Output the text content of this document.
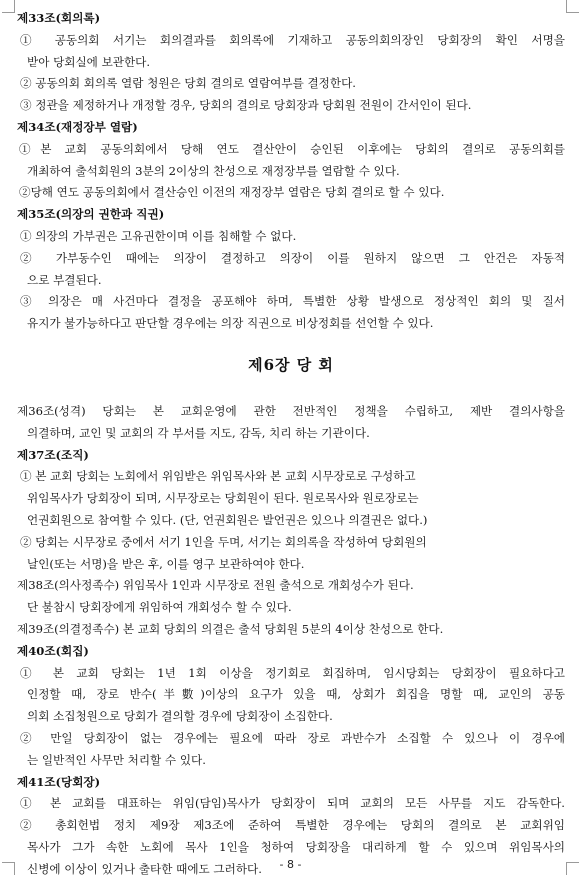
제33조(회의록)
① 공동의회 서기는 회의결과를 회의록에 기재하고 공동의회의장인 당회장의 확인 서명을
받아 당회실에 보관한다.
② 공동의회 회의록 열람 청원은 당회 결의로 열람여부를 결정한다.
③ 정관을 제정하거나 개정할 경우, 당회의 결의로 당회장과 당회원 전원이 간서인이 된다.
제34조(재정장부 열람)
①본 교회 공동의회에서 당해 연도 결산안이 승인된 이후에는 당회의 결의로 공동의회를
개최하여 출석회원의 3분의 2이상의 찬성으로 재정장부를 열람할 수 있다.
②당해 연도 공동의회에서 결산승인 이전의 재정장부 열람은 당회 결의로 할 수 있다.
제35조(의장의 권한과 직권)
① 의장의 가부권은 고유권한이며 이를 침해할 수 없다.
② 가부동수인 때에는 의장이 결정하고 의장이 이를 원하지 않으면 그 안건은 자동적
으로 부결된다.
③ 의장은 매 사건마다 결정을 공포해야 하며, 특별한 상황 발생으로 정상적인 회의 및 질서
유지가 불가능하다고 판단할 경우에는 의장 직권으로 비상정회를 선언할 수 있다.
제6장 당 회
제36조(성격) 당회는 본 교회운영에 관한 전반적인 정책을 수립하고, 제반 결의사항을
의결하며, 교인 및 교회의 각 부서를 지도, 감독, 치리 하는 기관이다.
제37조(조직)
① 본 교회 당회는 노회에서 위임받은 위임목사와 본 교회 시무장로로 구성하고
위임목사가 당회장이 되며, 시무장로는 당회원이 된다. 원로목사와 원로장로는
언권회원으로 참여할 수 있다. (단, 언권회원은 발언권은 있으나 의결권은 없다.)
② 당회는 시무장로 중에서 서기 1인을 두며, 서기는 회의록을 작성하여 당회원의
날인(또는 서명)을 받은 후, 이를 영구 보관하여야 한다.
제38조(의사정족수) 위임목사 1인과 시무장로 전원 출석으로 개회성수가 된다.
단 불참시 당회장에게 위임하여 개회성수 할 수 있다.
제39조(의결정족수) 본 교회 당회의 의결은 출석 당회원 5분의 4이상 찬성으로 한다.
제40조(회집)
① 본 교회 당회는 1년 1회 이상을 정기회로 회집하며, 임시당회는 당회장이 필요하다고
인정할 때, 장로 반수(半數)이상의 요구가 있을 때, 상회가 회집을 명할 때, 교인의 공동
의회 소집청원으로 당회가 결의할 경우에 당회장이 소집한다.
② 만일 당회장이 없는 경우에는 필요에 따라 장로 과반수가 소집할 수 있으나 이 경우에
는 일반적인 사무만 처리할 수 있다.
제41조(당회장)
① 본 교회를 대표하는 위임(담임)목사가 당회장이 되며 교회의 모든 사무를 지도 감독한다.
② 총회헌법 정치 제9장 제3조에 준하여 특별한 경우에는 당회의 결의로 본 교회위임
목사가 그가 속한 노회에 목사 1인을 청하여 당회장을 대리하게 할 수 있으며 위임목사의
신병에 이상이 있거나 출타한 때에도 그러하다.	- 8 -
